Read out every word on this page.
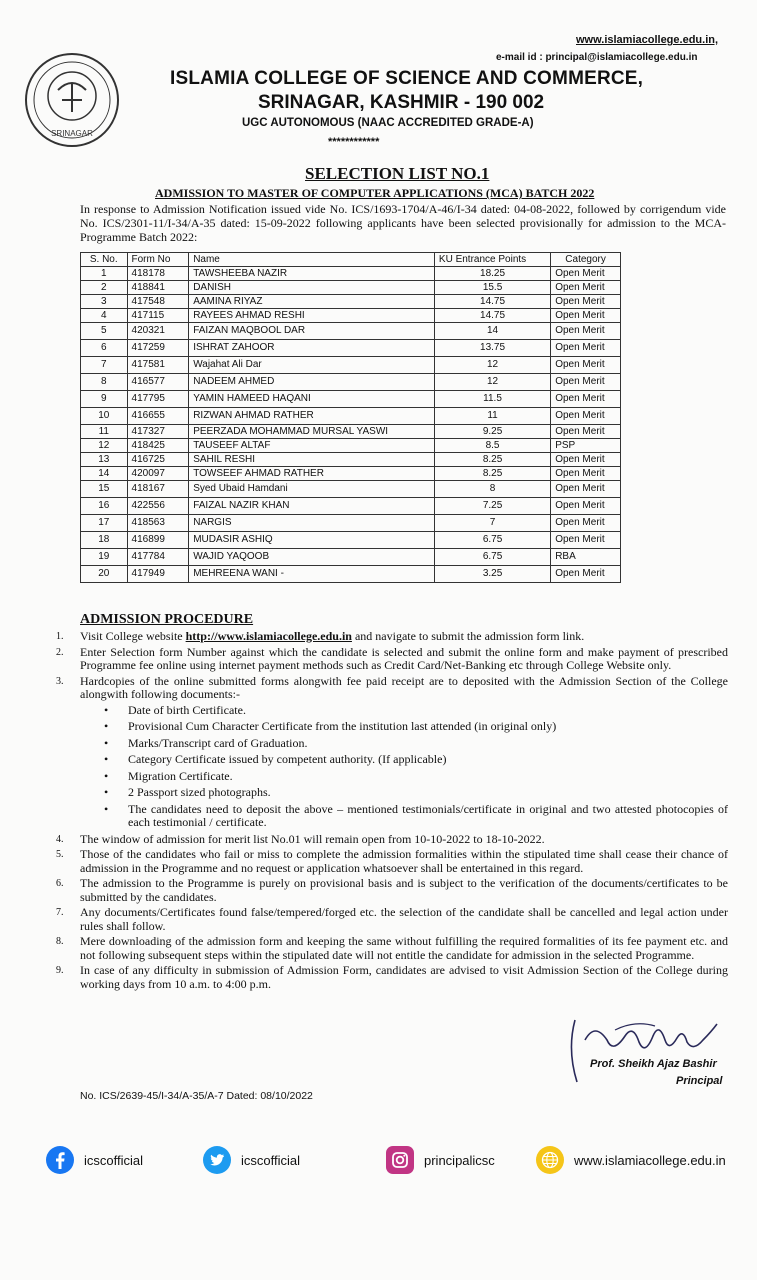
www.islamiacollege.edu.in,
e-mail id : principal@islamiacollege.edu.in
SRINAGAR
ISLAMIA COLLEGE OF SCIENCE AND COMMERCE,
SRINAGAR, KASHMIR - 190 002
UGC AUTONOMOUS (NAAC ACCREDITED GRADE-A)
************
SELECTION LIST NO.1
ADMISSION TO MASTER OF COMPUTER APPLICATIONS (MCA) BATCH 2022
In response to Admission Notification issued vide No. ICS/1693-1704/A-46/I-34 dated: 04-08-2022, followed by corrigendum vide No. ICS/2301-11/I-34/A-35 dated: 15-09-2022 following applicants have been selected provisionally for admission to the MCA-Programme Batch 2022:
S. No.	Form No	Name	KU Entrance Points	Category
1	418178	TAWSHEEBA NAZIR	18.25	Open Merit
2	418841	DANISH	15.5	Open Merit
3	417548	AAMINA RIYAZ	14.75	Open Merit
4	417115	RAYEES AHMAD RESHI	14.75	Open Merit
5	420321	FAIZAN MAQBOOL DAR	14	Open Merit
6	417259	ISHRAT ZAHOOR	13.75	Open Merit
7	417581	Wajahat Ali Dar	12	Open Merit
8	416577	NADEEM AHMED	12	Open Merit
9	417795	YAMIN HAMEED HAQANI	11.5	Open Merit
10	416655	RIZWAN AHMAD RATHER	11	Open Merit
11	417327	PEERZADA MOHAMMAD MURSAL YASWI	9.25	Open Merit
12	418425	TAUSEEF ALTAF	8.5	PSP
13	416725	SAHIL RESHI	8.25	Open Merit
14	420097	TOWSEEF AHMAD RATHER	8.25	Open Merit
15	418167	Syed Ubaid Hamdani	8	Open Merit
16	422556	FAIZAL NAZIR KHAN	7.25	Open Merit
17	418563	NARGIS	7	Open Merit
18	416899	MUDASIR ASHIQ	6.75	Open Merit
19	417784	WAJID YAQOOB	6.75	RBA
20	417949	MEHREENA WANI -	3.25	Open Merit
ADMISSION PROCEDURE
1.	Visit College website http://www.islamiacollege.edu.in and navigate to submit the admission form link.
2.	Enter Selection form Number against which the candidate is selected and submit the online form and make payment of prescribed Programme fee online using internet payment methods such as Credit Card/Net-Banking etc through College Website only.
3.	Hardcopies of the online submitted forms alongwith fee paid receipt are to deposited with the Admission Section of the College alongwith following documents:-
•	Date of birth Certificate.
•	Provisional Cum Character Certificate from the institution last attended (in original only)
•	Marks/Transcript card of Graduation.
•	Category Certificate issued by competent authority. (If applicable)
•	Migration Certificate.
•	2 Passport sized photographs.
•	The candidates need to deposit the above – mentioned testimonials/certificate in original and two attested photocopies of each testimonial / certificate.
4.	The window of admission for merit list No.01 will remain open from 10-10-2022 to 18-10-2022.
5.	Those of the candidates who fail or miss to complete the admission formalities within the stipulated time shall cease their chance of admission in the Programme and no request or application whatsoever shall be entertained in this regard.
6.	The admission to the Programme is purely on provisional basis and is subject to the verification of the documents/certificates to be submitted by the candidates.
7.	Any documents/Certificates found false/tempered/forged etc. the selection of the candidate shall be cancelled and legal action under rules shall follow.
8.	Mere downloading of the admission form and keeping the same without fulfilling the required formalities of its fee payment etc. and not following subsequent steps within the stipulated date will not entitle the candidate for admission in the selected Programme.
9.	In case of any difficulty in submission of Admission Form, candidates are advised to visit Admission Section of the College during working days from 10 a.m. to 4:00 p.m.
Prof. Sheikh Ajaz Bashir
Principal
No. ICS/2639-45/I-34/A-35/A-7 Dated: 08/10/2022
icscofficial	icscofficial	principalicsc	www.islamiacollege.edu.in
